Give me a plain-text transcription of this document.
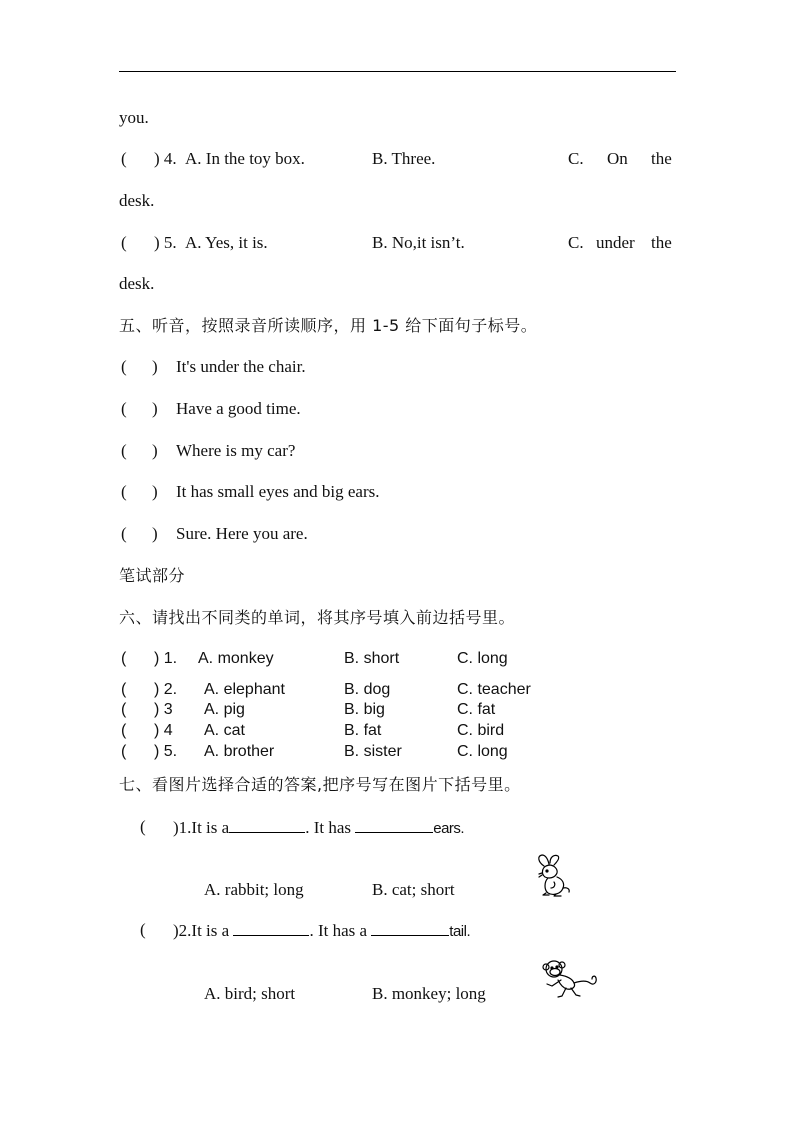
you.
( ) 4. A. In the toy box.	B. Three.	C. On the
desk.
( ) 5. A. Yes, it is.	B. No,it isn’t.	C. under the
desk.
五、听音，按照录音所读顺序，用 1-5 给下面句子标号。
( ) It's under the chair.
( ) Have a good time.
( ) Where is my car?
( ) It has small eyes and big ears.
( ) Sure. Here you are.
笔试部分
六、请找出不同类的单词，将其序号填入前边括号里。
( ) 1. A. monkey	B. short	C. long
( ) 2. A. elephant	B. dog	C. teacher
( ) 3 A. pig	B. big	C. fat
( ) 4 A. cat	B. fat	C. bird
( ) 5. A. brother	B. sister	C. long
七、看图片选择合适的答案,把序号写在图片下括号里。
( )1.It is a	. It has	ears.
A. rabbit; long	B. cat; short
( )2.It is a	. It has a	tail.
A. bird; short	B. monkey; long
